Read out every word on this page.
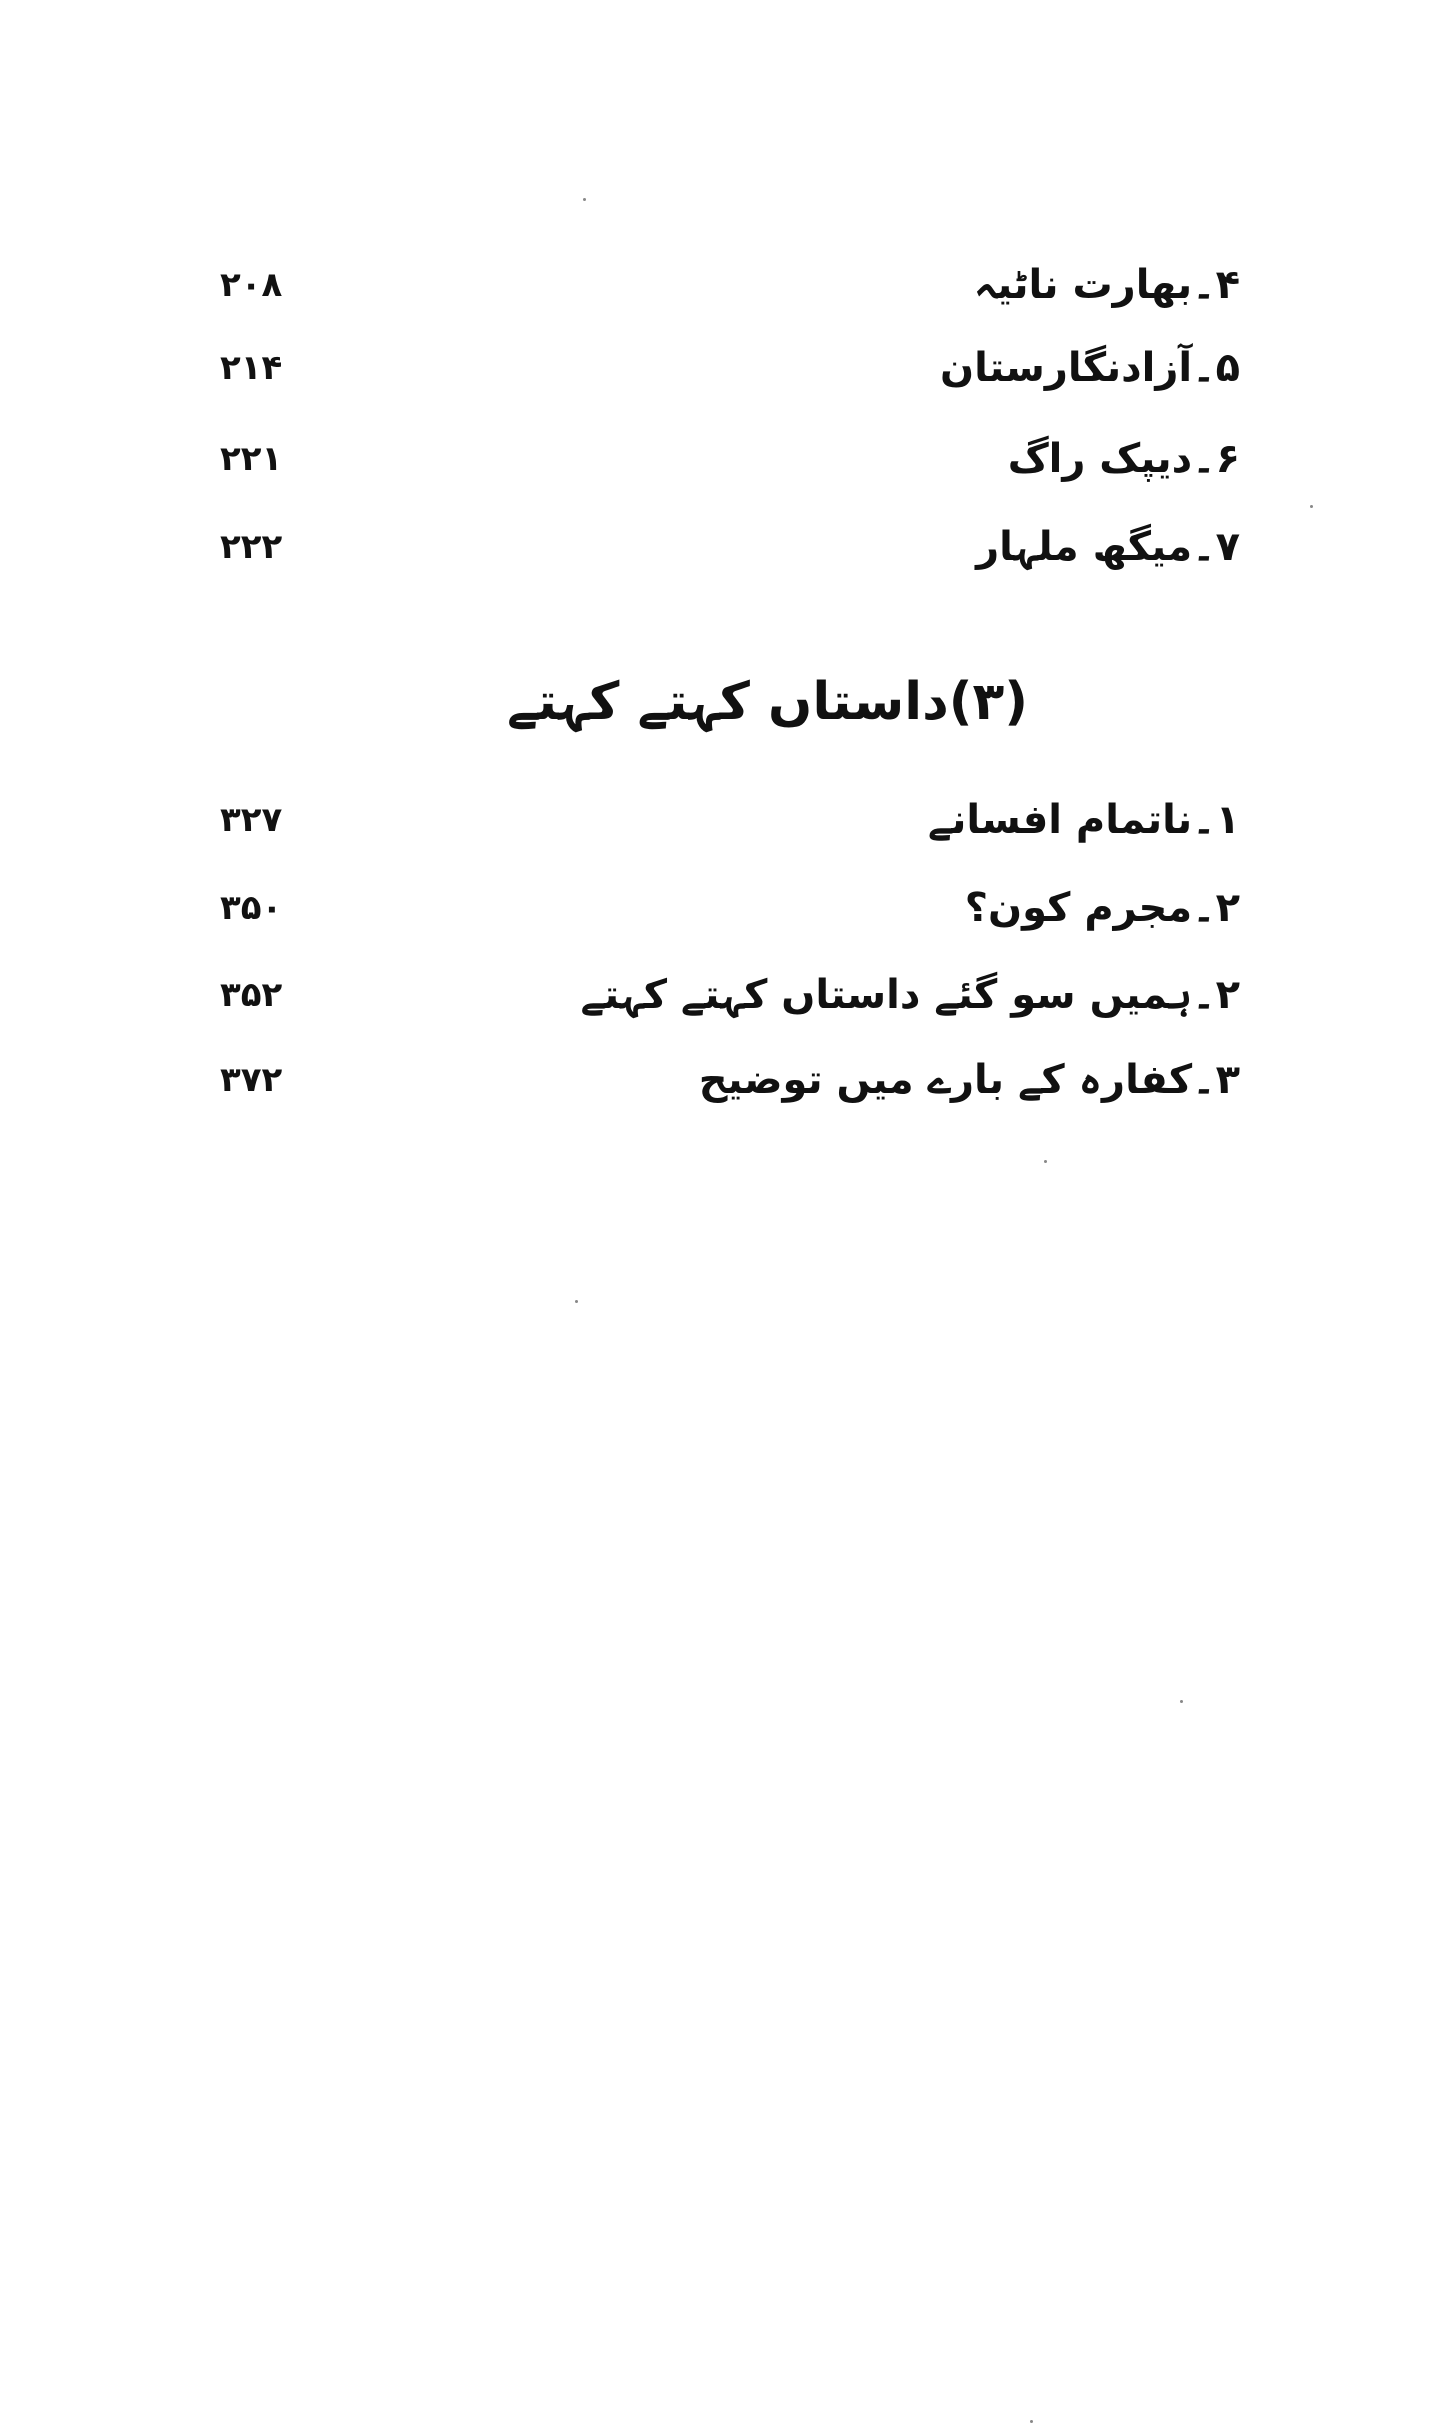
۲۰۸	۴۔بھارت ناٹیہ
۲۱۴	۵۔آزادنگارستان
۲۲۱	۶۔دیپک راگ
۲۲۲	۷۔میگھ ملہار
(۳)داستاں کہتے کہتے
۳۲۷	۱۔ناتمام افسانے
۳۵۰	۲۔مجرم کون؟
۳۵۲	۲۔ہمیں سو گئے داستاں کہتے کہتے
۳۷۲	۳۔کفارہ کے بارے میں توضیح
